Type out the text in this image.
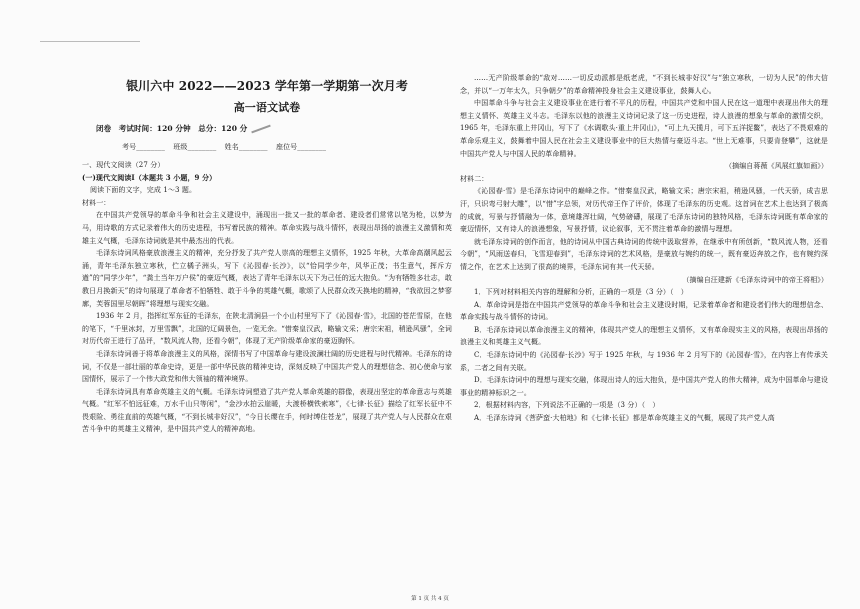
银川六中 2022——2023 学年第一学期第一次月考
高一语文试卷
闭卷　考试时间：120 分钟　总分：120 分
考号________ 班级________ 姓名________ 座位号________

一、现代文阅读（27 分）

(一)现代文阅读Ⅰ（本题共 3 小题，9 分）

阅读下面的文字，完成 1～3 题。

材料一：

在中国共产党领导的革命斗争和社会主义建设中，涌现出一批又一批的革命者、建设者们常常以笔为枪，以梦为马，用诗歌的方式记录着伟大的历史进程，书写着民族的精神。革命实践与战斗情怀，表现出昂扬的浪漫主义激情和英雄主义气概，毛泽东诗词就是其中最杰出的代表。

毛泽东诗词风格豪放浪漫主义的精神，充分抒发了共产党人崇高的理想主义情怀，1925 年秋，大革命高潮风起云涌，青年毛泽东独立寒秋，伫立橘子洲头，写下《沁园春·长沙》，以“恰同学少年，风华正茂；书生意气，挥斥方遒”的“同学少年”，“粪土当年万户侯”的豪迈气概，表达了青年毛泽东以天下为己任的远大抱负。“为有牺牲多壮志，敢教日月换新天”的诗句展现了革命者不怕牺牲、敢于斗争的英雄气概，歌颂了人民群众改天换地的精神，“我欲因之梦寥廓，芙蓉国里尽朝晖”将理想与现实交融。

1936 年 2 月，指挥红军东征的毛泽东，在陕北清涧县一个小山村里写下了《沁园春·雪》，北国的苍茫雪原，在他的笔下，“千里冰封，万里雪飘”，北国的辽阔景色，一览无余。“惜秦皇汉武，略输文采；唐宗宋祖，稍逊风骚”，全词对历代帝王进行了品评，“数风流人物，还看今朝”，体现了无产阶级革命家的豪迈胸怀。

毛泽东诗词善于将革命浪漫主义的风格，深情书写了中国革命与建设波澜壮阔的历史进程与时代精神。毛泽东的诗词，不仅是一部壮丽的革命史诗，更是一部中华民族的精神史诗，深刻反映了中国共产党人的理想信念、初心使命与家国情怀，展示了一个伟大政党和伟大领袖的精神境界。

毛泽东诗词具有革命英雄主义的气概。毛泽东诗词塑造了共产党人革命英雄的群像，表现出坚定的革命意志与英雄气概。“红军不怕远征难，万水千山只等闲”，“金沙水拍云崖暖，大渡桥横铁索寒”，《七律·长征》描绘了红军长征中不畏艰险、勇往直前的英雄气概，“不到长城非好汉”，“今日长缨在手，何时缚住苍龙”，展现了共产党人与人民群众在艰苦斗争中的英雄主义精神，是中国共产党人的精神高地。

……无产阶级革命的“敌对……一切反动派都是纸老虎，“不到长城非好汉”与“独立寒秋，一切为人民”的伟大信念，并以“一万年太久，只争朝夕”的革命精神投身社会主义建设事业，鼓舞人心。

中国革命斗争与社会主义建设事业在进行着不平凡的历程，中国共产党和中国人民在这一道理中表现出伟大的理想主义情怀、英雄主义斗志。毛泽东以他的浪漫主义诗词记录了这一历史进程，诗人浪漫的想象与革命的激情交织，1965 年，毛泽东重上井冈山，写下了《水调歌头·重上井冈山》，“可上九天揽月，可下五洋捉鳖”，表达了不畏艰难的革命乐观主义，鼓舞着中国人民在社会主义建设事业中的巨大热情与豪迈斗志。“世上无难事，只要肯登攀”，这就是中国共产党人与中国人民的革命精神。

（摘编自蒋薇《风展红旗如画》）

材料二：

《沁园春·雪》是毛泽东诗词中的巅峰之作。“惜秦皇汉武，略输文采；唐宗宋祖，稍逊风骚，一代天骄，成吉思汗，只识弯弓射大雕”，以“惜”字总领，对历代帝王作了评价，体现了毛泽东的历史观。这首词在艺术上也达到了极高的成就，写景与抒情融为一体，意境雄浑壮阔，气势磅礴，展现了毛泽东诗词的独特风格，毛泽东诗词既有革命家的豪迈情怀，又有诗人的浪漫想象，写景抒情，议论叙事，无不贯注着革命的激情与理想。

就毛泽东诗词的创作而言，他的诗词从中国古典诗词的传统中汲取营养，在继承中有所创新，“数风流人物，还看今朝”，“风雨送春归，飞雪迎春到”，毛泽东诗词的艺术风格，是豪放与婉约的统一，既有豪迈奔放之作，也有婉约深情之作，在艺术上达到了很高的境界，毛泽东词有其一代天骄。

（摘编自汪建新《毛泽东诗词中的帝王将相》）

1．下列对材料相关内容的理解和分析，正确的一项是（3 分）（　）

A．革命诗词是指在中国共产党领导的革命斗争和社会主义建设时期，记录着革命者和建设者们伟大的理想信念、革命实践与战斗情怀的诗词。

B．毛泽东诗词以革命浪漫主义的精神，体现共产党人的理想主义情怀，又有革命现实主义的风格，表现出昂扬的浪漫主义和英雄主义气概。

C．毛泽东诗词中的《沁园春·长沙》写于 1925 年秋，与 1936 年 2 月写下的《沁园春·雪》，在内容上有传承关系，二者之间有关联。

D．毛泽东诗词中的理想与现实交融，体现出诗人的远大抱负，是中国共产党人的伟大精神，成为中国革命与建设事业的精神标识之一。

2．根据材料内容，下列说法不正确的一项是（3 分）（　）

A．毛泽东诗词《菩萨蛮·大柏地》和《七律·长征》都是革命英雄主义的气概，展现了共产党人高

第 1 页 共 4 页
